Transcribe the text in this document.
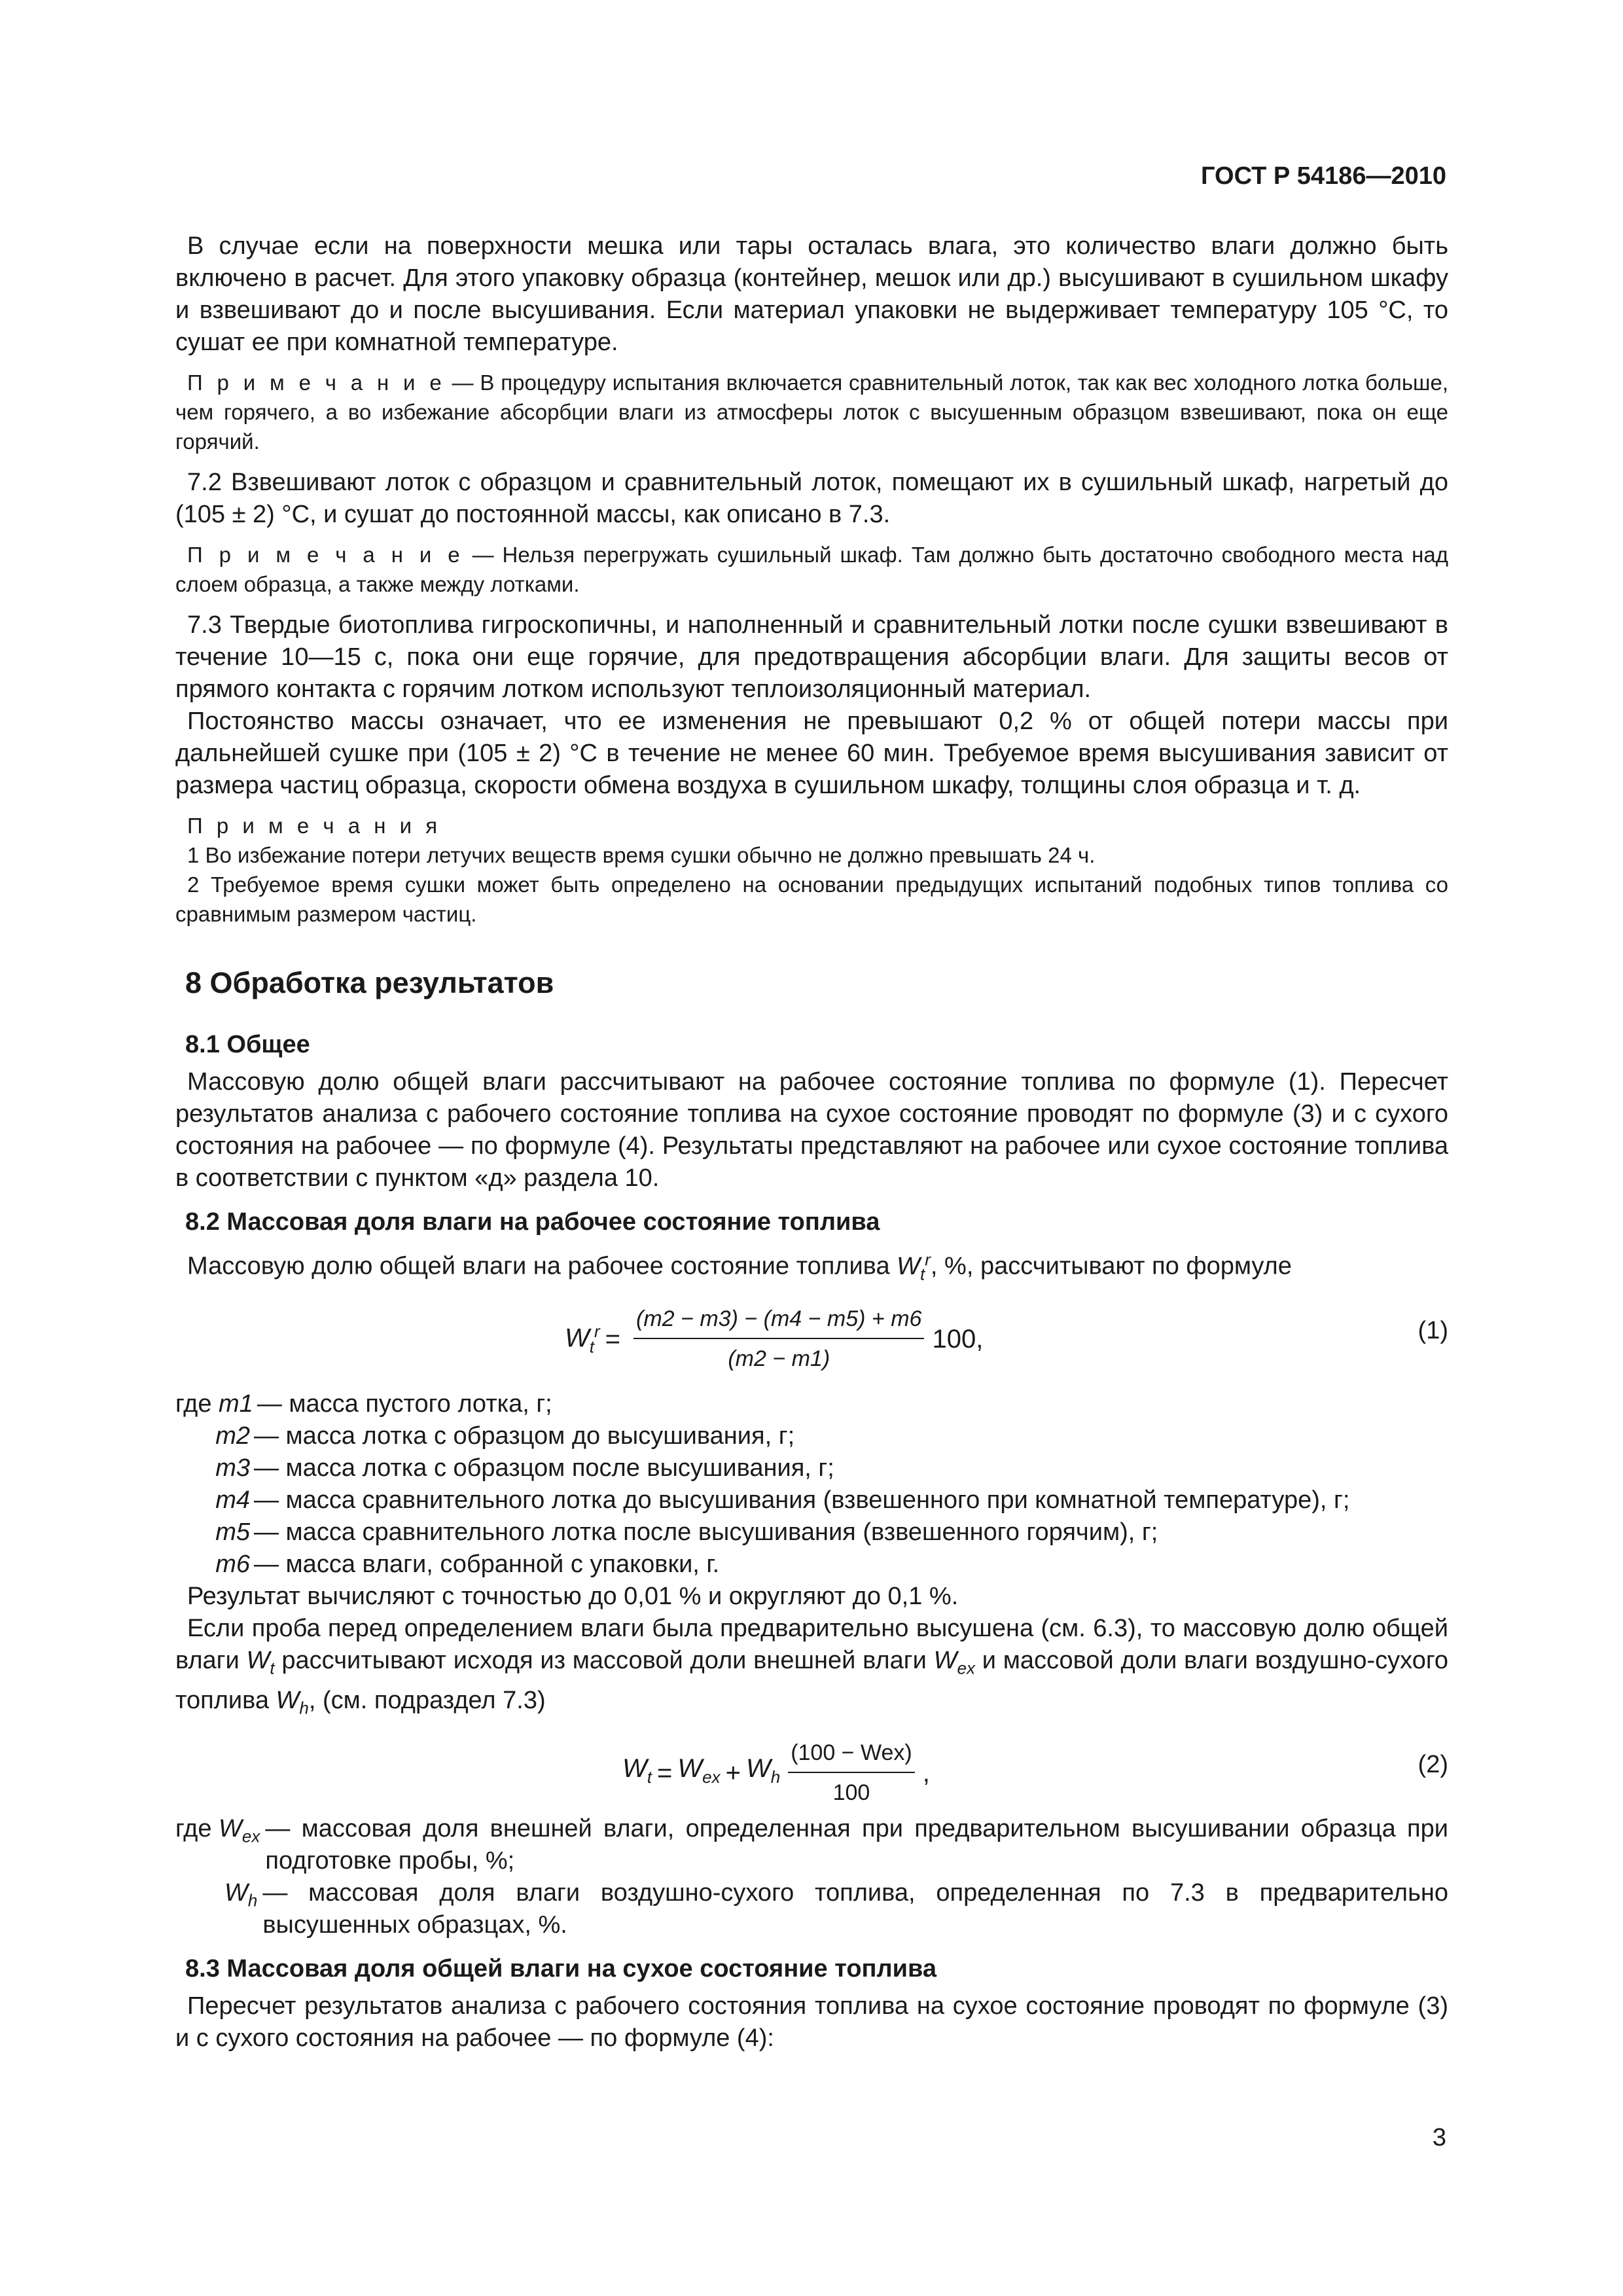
ГОСТ Р 54186—2010

В случае если на поверхности мешка или тары осталась влага, это количество влаги должно быть включено в расчет. Для этого упаковку образца (контейнер, мешок или др.) высушивают в сушильном шкафу и взвешивают до и после высушивания. Если материал упаковки не выдерживает температуру 105 °С, то сушат ее при комнатной температуре.

П р и м е ч а н и е — В процедуру испытания включается сравнительный лоток, так как вес холодного лотка больше, чем горячего, а во избежание абсорбции влаги из атмосферы лоток с высушенным образцом взвешивают, пока он еще горячий.

7.2 Взвешивают лоток с образцом и сравнительный лоток, помещают их в сушильный шкаф, нагретый до (105 ± 2) °С, и сушат до постоянной массы, как описано в 7.3.

П р и м е ч а н и е — Нельзя перегружать сушильный шкаф. Там должно быть достаточно свободного места над слоем образца, а также между лотками.

7.3 Твердые биотоплива гигроскопичны, и наполненный и сравнительный лотки после сушки взвешивают в течение 10—15 с, пока они еще горячие, для предотвращения абсорбции влаги. Для защиты весов от прямого контакта с горячим лотком используют теплоизоляционный материал.

Постоянство массы означает, что ее изменения не превышают 0,2 % от общей потери массы при дальнейшей сушке при (105 ± 2) °С в течение не менее 60 мин. Требуемое время высушивания зависит от размера частиц образца, скорости обмена воздуха в сушильном шкафу, толщины слоя образца и т. д.

П р и м е ч а н и я

1 Во избежание потери летучих веществ время сушки обычно не должно превышать 24 ч.

2 Требуемое время сушки может быть определено на основании предыдущих испытаний подобных типов топлива со сравнимым размером частиц.

8 Обработка результатов
8.1 Общее

Массовую долю общей влаги рассчитывают на рабочее состояние топлива по формуле (1). Пересчет результатов анализа с рабочего состояние топлива на сухое состояние проводят по формуле (3) и с сухого состояния на рабочее — по формуле (4). Результаты представляют на рабочее или сухое состояние топлива в соответствии с пунктом «д» раздела 10.

8.2 Массовая доля влаги на рабочее состояние топлива

Массовую долю общей влаги на рабочее состояние топлива $W_t^r$, %, рассчитывают по формуле

$W_t^r = \frac{(m2 - m3) - (m4 - m5) + m6}{(m2 - m1)} 100$,	(1)
где m1 — масса пустого лотка, г;
m2 — масса лотка с образцом до высушивания, г;
m3 — масса лотка с образцом после высушивания, г;
m4 — масса сравнительного лотка до высушивания (взвешенного при комнатной температуре), г;
m5 — масса сравнительного лотка после высушивания (взвешенного горячим), г;
m6 — масса влаги, собранной с упаковки, г.

Результат вычисляют с точностью до 0,01 % и округляют до 0,1 %.

Если проба перед определением влаги была предварительно высушена (см. 6.3), то массовую долю общей влаги $W_t$ рассчитывают исходя из массовой доли внешней влаги $W_{ex}$ и массовой доли влаги воздушно-сухого топлива $W_h$, (см. подраздел 7.3)

$W_t = W_{ex} + W_h \frac{\text{(100 − Wex)}}{100}$ ,	(2)
где $W_{ex}$ — массовая доля внешней влаги, определенная при предварительном высушивании образца при подготовке пробы, %;
$W_h$ — массовая доля влаги воздушно-сухого топлива, определенная по 7.3 в предварительно высушенных образцах, %.
8.3 Массовая доля общей влаги на сухое состояние топлива

Пересчет результатов анализа с рабочего состояния топлива на сухое состояние проводят по формуле (3) и с сухого состояния на рабочее — по формуле (4):

3
